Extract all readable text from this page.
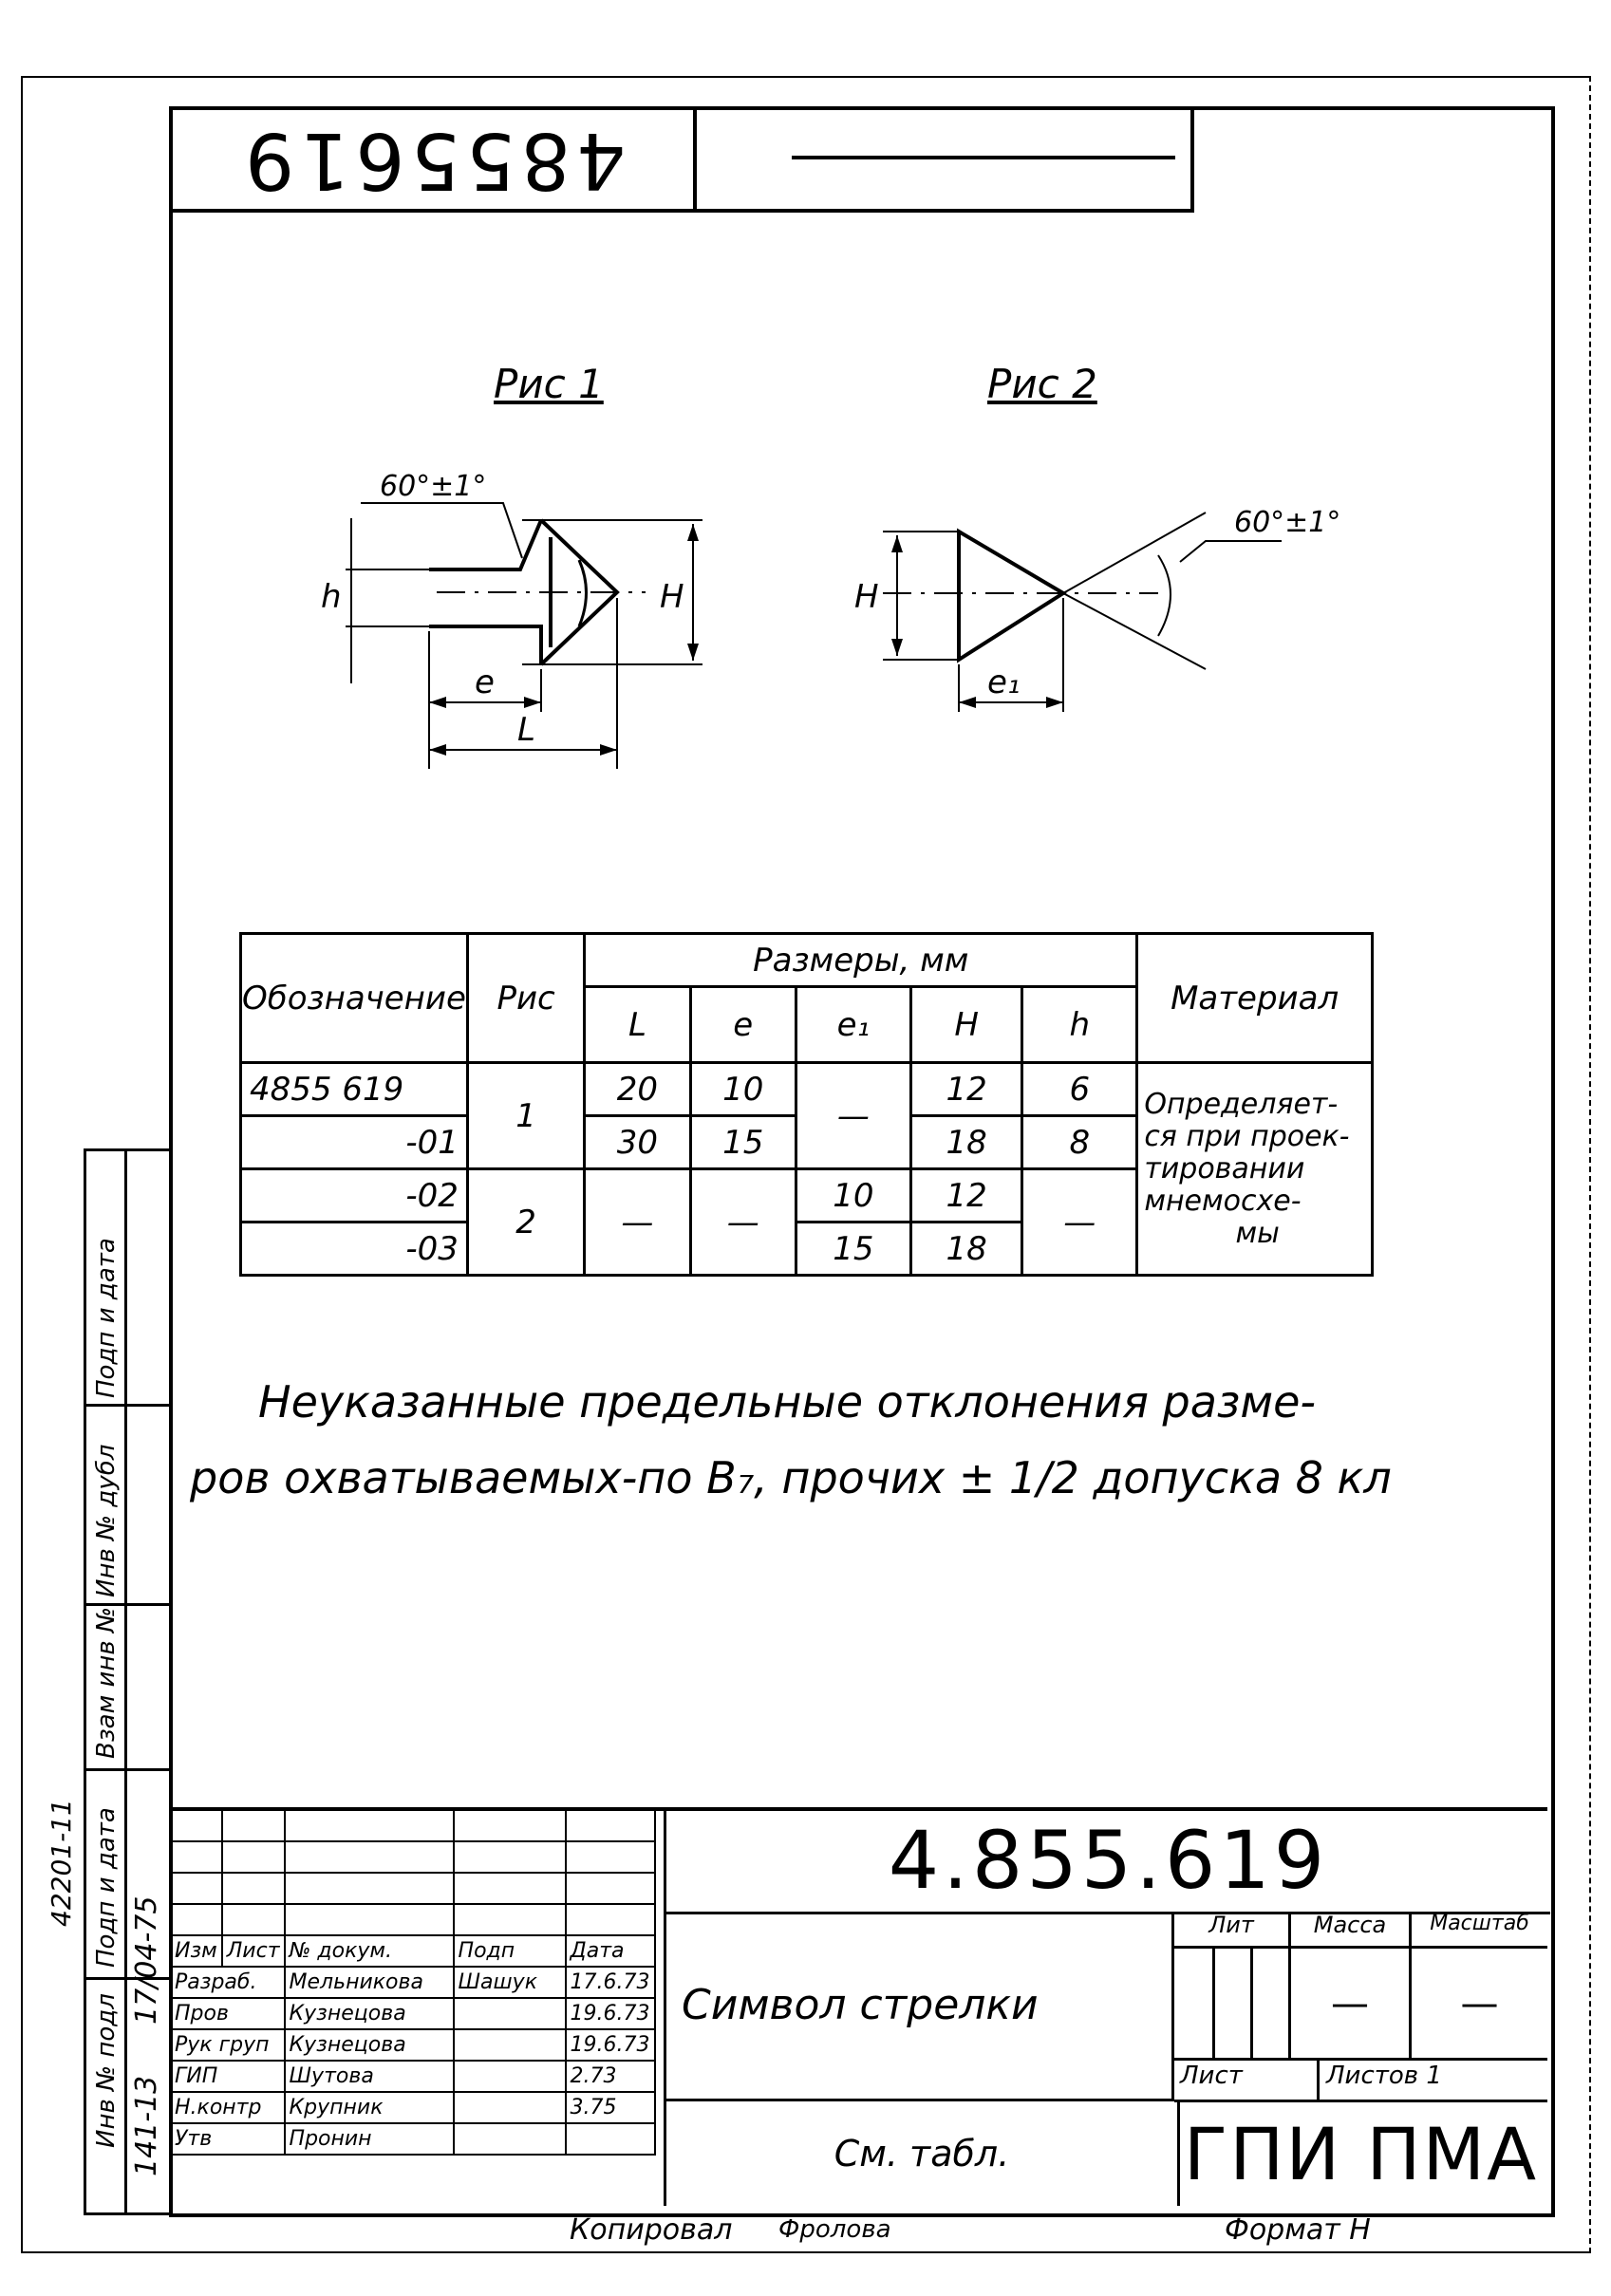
4855619
Рис 1	Рис 2
60°±1°
h	H
e
L
60°±1°
H
e₁
Обозначение	Рис	Размеры, мм					Материал
		L	e	e₁	H	h	
4855 619	1	20	10	—	12	6	Определяет-
ся при проек-
тировании
мнемосхе-
мы

-01		30	15		18	8	
-02	2	—	—	10	12	—	
-03				15	18		
Неуказанные предельные отклонения разме-
ров охватываемых-по B₇, прочих ± 1/2 допуска 8 кл
Инв № подл
Подп и дата
Взам инв №
Инв № дубл
Подп и дата
141-13
17/04-75
42201-11

Изм	Лист	№ докум.	Подп	Дата
Разраб.		Мельникова	Шашук	17.6.73
Пров		Кузнецова		19.6.73
Рук груп		Кузнецова		19.6.73
ГИП		Шутова		2.73
Н.контр		Крупник		3.75
Утв		Пронин		
4.855.619
Символ стрелки
См. табл.
Лит	Масса	Масштаб
—	—
Лист	Листов 1
ГПИ ПМА
Копировал Фролова	Формат Н
